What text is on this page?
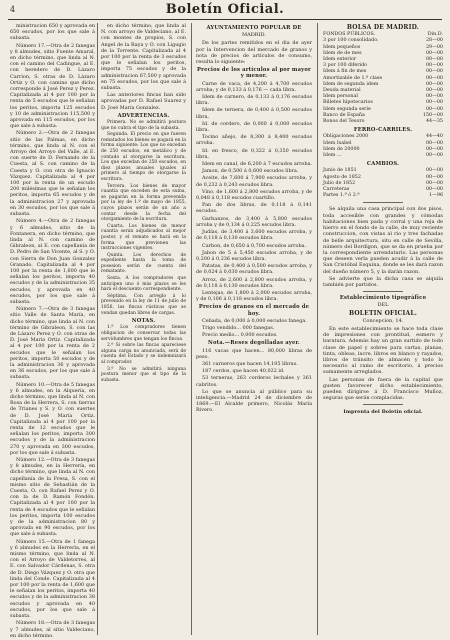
4	Boletín Oficial.

ministracion 650 y aprovada en 650 escudos, por los que sale á subasta.

Número 17.—Otra de 2 fanegas y 8 almudes, sitio Fuente Amaral, en dicho término, que linda al N. con el camino del Cadingue, al E. con heredero de D. Lázaro Carrion, S. otras de D. Lázaro Ortiz y O. con camino que dicho corresponde á José Perez y Perez. Capitalizada al 4 por 100 por la renta de 5 escudos que le señalan los peritos, importa 125 escudos y 10 de administracion 115,500 y aprovada en 115 escudos, por los que sale á subasta.

Número 2.—Otra de 2 fanegas sitio de las Palmas, en dicho término, que linda al N. con el Arroyo del Arroyo del Valle, al E. con suerte de D. Fernando de la Cuesta, al S. con camino de la Cuesta y O. con otra de Ignacio Vázquez. Capitalizada al 4 por 100 por la renta de un escudo 200 milésimas que le señalan los peritos, importa 65 escudos y de la administracion 27 y aprovada en 30 escudos, por los que sale á subasta.

Número 4.—Otra de 2 fanegas y 6 almudes, sitio de la Fontanera, en dicho término, que linda al N. con camino de Gibraleon, al E. con capellanía de D. Pedro de San Vicente, al S. y O. con Sierra de Don Juan Gonzalez Granado. Capitalizada al 4 por 100 por la renta de 1,600 que le señalan los peritos, importa 40 escudos y de la administracion 35 escudos, y aprovada en 40 escudos, por los que sale á subasta.

Número 7.—Otra de 3 fanegas sitio Valle de Santa María, en dicho término, que linda al N. con término de Gibraleon, S. con las de Lázaro Perez y O. con otras de D. José María Ortiz. Capitalizada al 4 por 100 por la renta de 2 escudos que le señalan los peritos, importa 50 escudos y de la administracion 36 y aprovada en 36 escudos, por los que sale á subasta.

Número 10.—Otra de 5 fanegas y 6 almudes, en la Alquería, en dicho término, que linda al N. con Rosa de la Herrera, S. con tierras de Trianes y S. y O. con suertes de D. José María Ortiz. Capitalizada al 4 por 100 por la renta de 12 escudos que le señalan los peritos, importa 300 escudos y de la administracion 270 y aprovada en 300 escudos, por los que sale á subasta.

Número 12.—Otra de 3 fanegas y 8 almudes, en la Herrería, en dicho término, que linda al N. con capellanía de la Fresa, S. con el mismo sitio de Sebastián de la Cuesta, O. con Rafael Perez y O. con la de D. Ramón Fondón. Capitalizada al 4 por 100 por la renta de 4 escudos que le señalan los peritos, importa 100 escudos y de la administracion 80 y aprovada en 90 escudos, por los que sale á subasta.

Número 15.—Otra de 1 fanega y 6 almudes en la Herrería, en el mismo término, que linda al N. con el Arroyo de Valdetorres, al E. con Salvador Cárdenas, S. otra de D. Diego Vázquez y O. otra que linda del Conde. Capitalizada al 4 por 100 por la renta de 1,600 que le señalan los peritos, importa 40 escudos y de la administracion 38 escudos y aprovada en 40 escudos, por los que sale á subasta.

Número 18.—Otra de 3 fanegas y 7 almudes, al sitio Valdeciano, en dicho término.

en dicho término, que linda al N. con arroyo de Valdeciano, al E. con montes de propios, S. con Angel de la Raya y O. con Ligugio de la Torrente. Capitalizada al 4 por 100 por la renta de 3 escudos que le señalan los peritos, importa 75 escudos y de la administracion 67,500 y aprovada en 75 escudos, por los que sale á subasta.

Las anteriores fincas han sido aprovadas por D. Rafael Suarez y D. José María Gonzalez.

ADVERTENCIAS.

Primera. No se admitirá postura que no cubra el tipo de la subasta.

Segunda. El precio en que fueren rematados los bienes se pagará en la forma siguiente: Los que no excedan de 250 escudos, en metálico y de contado al otorgarse la escritura. Los que excedan de 250 escudos, en diez plazos anuales iguales al primero al tiempo de otorgarse la escritura.

Tercera. Los bienes de mayor cuantía que exceden de esta suma, se pagarán en la forma prevenida por la ley de 1.º de mayo de 1855, cuyos plazos serán de un año a contar desde la fecha del otorgamiento de la escritura.

Cuarta. Los bienes de menor cuantía serán adjudicados al mejor postor, y el remate se hará en la forma que previenen las instrucciones vigentes.

Quinta. Los derechos de expediente hasta la toma de posesion serán de cuenta del rematante.

Sexta. A los compradores que anticipen uno ó más plazos se les hará el descuento correspondiente.

Séptima. Con arreglo á lo prevenido en la ley de 11 de julio de 1856, las fincas rústicas que se vendan quedan libres de cargas.

NOTAS.

1.ª Los compradores tienen obligacion de conservar todas las servidumbres que tengan los fincas.

2.ª Si sobre las fincas apareciese alguna carga no anunciada, será de cuenta del Estado y se indemnizará al comprador.

3.ª No se admitirá ninguna postura menor que el tipo de la subasta.

AYUNTAMIENTO POPULAR DE
MADRID.

De los partes remitidos en el dia de ayer por la Intervencion del mercado de granos y nota de precios de artículos de consumo, resulta lo siguiente:

Precios de los artículos al por mayor y menor.

Carne de vaca, de 4,200 á 4,700 escudos arroba; y de 0,133 á 0,176 — cada libra.

Idem de carnero, de 0,133 á 0,176 escudos libra.

Idem de ternera, de 0,400 á 0,500 escudos libra.

Id. de cordero, de 0,000 á 0,000 escudos libra.

Tocino añejo, de 8,300 á 8,400 escudos arroba.

Id. en fresco, de 0,322 á 0,350 escudos libra.

Idem en canal, de 6,200 á 7 escudos arroba.

Jamon, de 0,500 á 0,600 escudos libra.

Aceite, de 7,600 á 7,900 escudos arroba, y de 0,232 á 0,243 escudos libra.

Vino, de 1,600 á 2,800 escudos arroba, y de 0,048 á 0,118 escudos cuartillo.

Pan de dos libras, de 0,118 á 0,141 escudos.

Garbanzos, de 3,400 á 5,800 escudos arroba y de 0,134 á 0,225 escudos libra.

Judías, de 3,400 á 3,600 escudos arroba, y de 0,118 á 0,130 escudos libra.

Carbon, de 0,650 á 0,700 escudos arroba.

Jabon de 5 á 5,450 escudos arroba, y de 0,200 á 0,236 escudos libra.

Patatas, de 0,400 á 0,500 escudos arroba, y de 0,024 á 0,030 escudos libra.

Arroz, de 2,600 á 2,800 escudos arroba, y de 0,118 á 0,130 escudos libra.

Lentejas, de 1,800 á 2,000 escudos arroba, y de 0,106 á 0,118 escudos libra.

Precios de granos en el mercado de hoy.

Cebada, de 0,000 á 0,000 escudos fanega.

Trigo vendido... 000 fanegas.

Precio medio... 0,000 escudos.

Nota.—Reses degolladas ayer.

116 vacas que hacen... 80,000 libras de peso.

361 carneros que hacen 14,105 libras.

187 cerdos, que hacen 40,022 id.

53 terneras, 263 corderos lechales y 361 cabritos.

Lo que se anuncia al público para su inteligencia.—Madrid 24 de diciembre de 1869.—El Alcalde primero, Nicolás María Rivero.

BOLSA DE MADRID.
FONDOS PÚBLICOS.	Din.D.
3 por 100 consolidado.	28—00
Idem pequeños	29—00
Idem de de mes	00—00
Idem exterior	00—00
3 por 100 diferido	00—00
Idem á fin de mes	00—00
Amortizable de 1.ª clase	00—00
Idem de segunda idem	00—00
Deuda material	00—00
Idem personal	00—00
Billetes hipotecarios	00—00
Idem segunda serie	00—00
Banco de España	150—00
Bonos del Tesoro	44—35
FERRO-CARRILES.
Obligaciones 2000	44—40
Idem Isabel	00—00
Idem de 20000	00—00
Idem ...	00—00
CAMBIOS.
Junio de 1851	00—00
Agosto de 1852	00—00
Julio de 1852	00—00
Carreteras	00—00
Partes 1.ª ó 2.ª	1—96

Se alquila una casa principal con dos pisos, toda accesible con grandes y cómodas habitaciones bien pada y corral y una reja de hierro en el fondo de la calle, de muy reciente construccion, con vistas al rio y tres fachadas de belle arquitectura, situ en calle de Sevilla, número del Bordigon, que se da en prueba por la correspondiente arrendatario. Las personas que deseen verla pueden acudir á la calle de San Cristóbal Esquina, donde se les dará razon del dueño número 5, y la darán razon.

Se advierte que la dicha casa se alquila también por partidos.

Establecimiento tipográfico
DEL
BOLETIN OFICIAL.
Concepcion, 14.

En este establecimiento se hace toda clase de impresiones con prontitud, esmero y baratura. Además hay un gran surtido de todo clase de papel y sobres para cartas, planas, tinta, obleas, lacre, libros en blanco y rayados, libros de tránsito de almacén y todo lo necesario al ramo de escritorio, á precios sumamente arreglados.

Las personas de fuera de la capital que gusten favorecer dicho establecimiento, pueden dirigirse á D. Francisco Muñoz, seguras que serán complacidas.

Imprenta del Boletín oficial.
